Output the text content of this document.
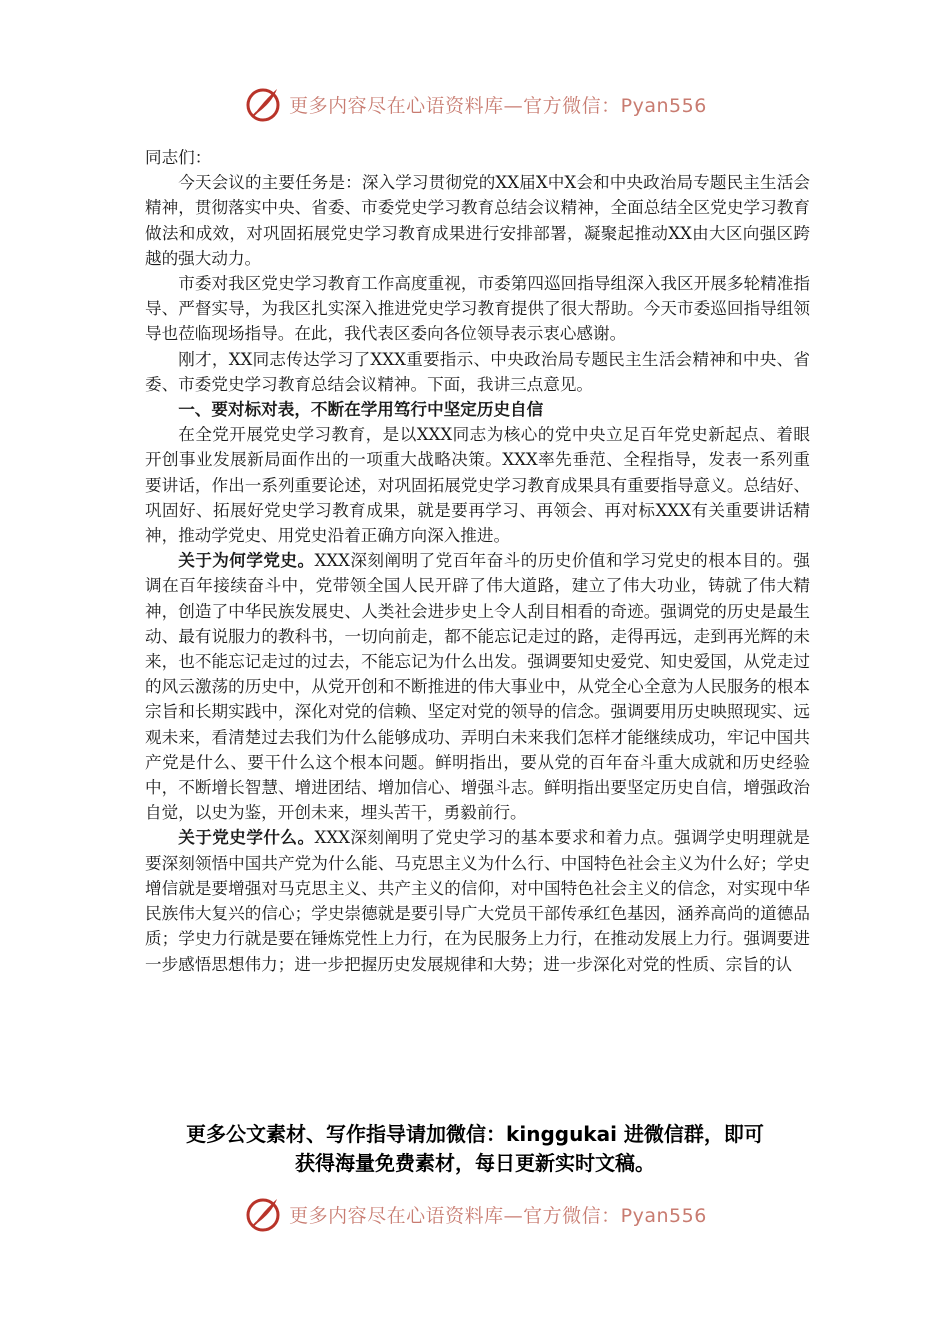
更多内容尽在心语资料库—官方微信：Pyan556

同志们：

今天会议的主要任务是：深入学习贯彻党的XX届X中X会和中央政治局专题民主生活会精神，贯彻落实中央、省委、市委党史学习教育总结会议精神，全面总结全区党史学习教育做法和成效，对巩固拓展党史学习教育成果进行安排部署，凝聚起推动XX由大区向强区跨越的强大动力。

市委对我区党史学习教育工作高度重视，市委第四巡回指导组深入我区开展多轮精准指导、严督实导，为我区扎实深入推进党史学习教育提供了很大帮助。今天市委巡回指导组领导也莅临现场指导。在此，我代表区委向各位领导表示衷心感谢。

刚才，XX同志传达学习了XXX重要指示、中央政治局专题民主生活会精神和中央、省委、市委党史学习教育总结会议精神。下面，我讲三点意见。

一、要对标对表，不断在学用笃行中坚定历史自信

在全党开展党史学习教育，是以XXX同志为核心的党中央立足百年党史新起点、着眼开创事业发展新局面作出的一项重大战略决策。XXX率先垂范、全程指导，发表一系列重要讲话，作出一系列重要论述，对巩固拓展党史学习教育成果具有重要指导意义。总结好、巩固好、拓展好党史学习教育成果，就是要再学习、再领会、再对标XXX有关重要讲话精神，推动学党史、用党史沿着正确方向深入推进。

关于为何学党史。XXX深刻阐明了党百年奋斗的历史价值和学习党史的根本目的。强调在百年接续奋斗中，党带领全国人民开辟了伟大道路，建立了伟大功业，铸就了伟大精神，创造了中华民族发展史、人类社会进步史上令人刮目相看的奇迹。强调党的历史是最生动、最有说服力的教科书，一切向前走，都不能忘记走过的路，走得再远，走到再光辉的未来，也不能忘记走过的过去，不能忘记为什么出发。强调要知史爱党、知史爱国，从党走过的风云激荡的历史中，从党开创和不断推进的伟大事业中，从党全心全意为人民服务的根本宗旨和长期实践中，深化对党的信赖、坚定对党的领导的信念。强调要用历史映照现实、远观未来，看清楚过去我们为什么能够成功、弄明白未来我们怎样才能继续成功，牢记中国共产党是什么、要干什么这个根本问题。鲜明指出，要从党的百年奋斗重大成就和历史经验中，不断增长智慧、增进团结、增加信心、增强斗志。鲜明指出要坚定历史自信，增强政治自觉，以史为鉴，开创未来，埋头苦干，勇毅前行。

关于党史学什么。XXX深刻阐明了党史学习的基本要求和着力点。强调学史明理就是要深刻领悟中国共产党为什么能、马克思主义为什么行、中国特色社会主义为什么好；学史增信就是要增强对马克思主义、共产主义的信仰，对中国特色社会主义的信念，对实现中华民族伟大复兴的信心；学史崇德就是要引导广大党员干部传承红色基因，涵养高尚的道德品质；学史力行就是要在锤炼党性上力行，在为民服务上力行，在推动发展上力行。强调要进一步感悟思想伟力；进一步把握历史发展规律和大势；进一步深化对党的性质、宗旨的认

更多公文素材、写作指导请加微信：kinggukai 进微信群，即可
获得海量免费素材，每日更新实时文稿。
更多内容尽在心语资料库—官方微信：Pyan556
